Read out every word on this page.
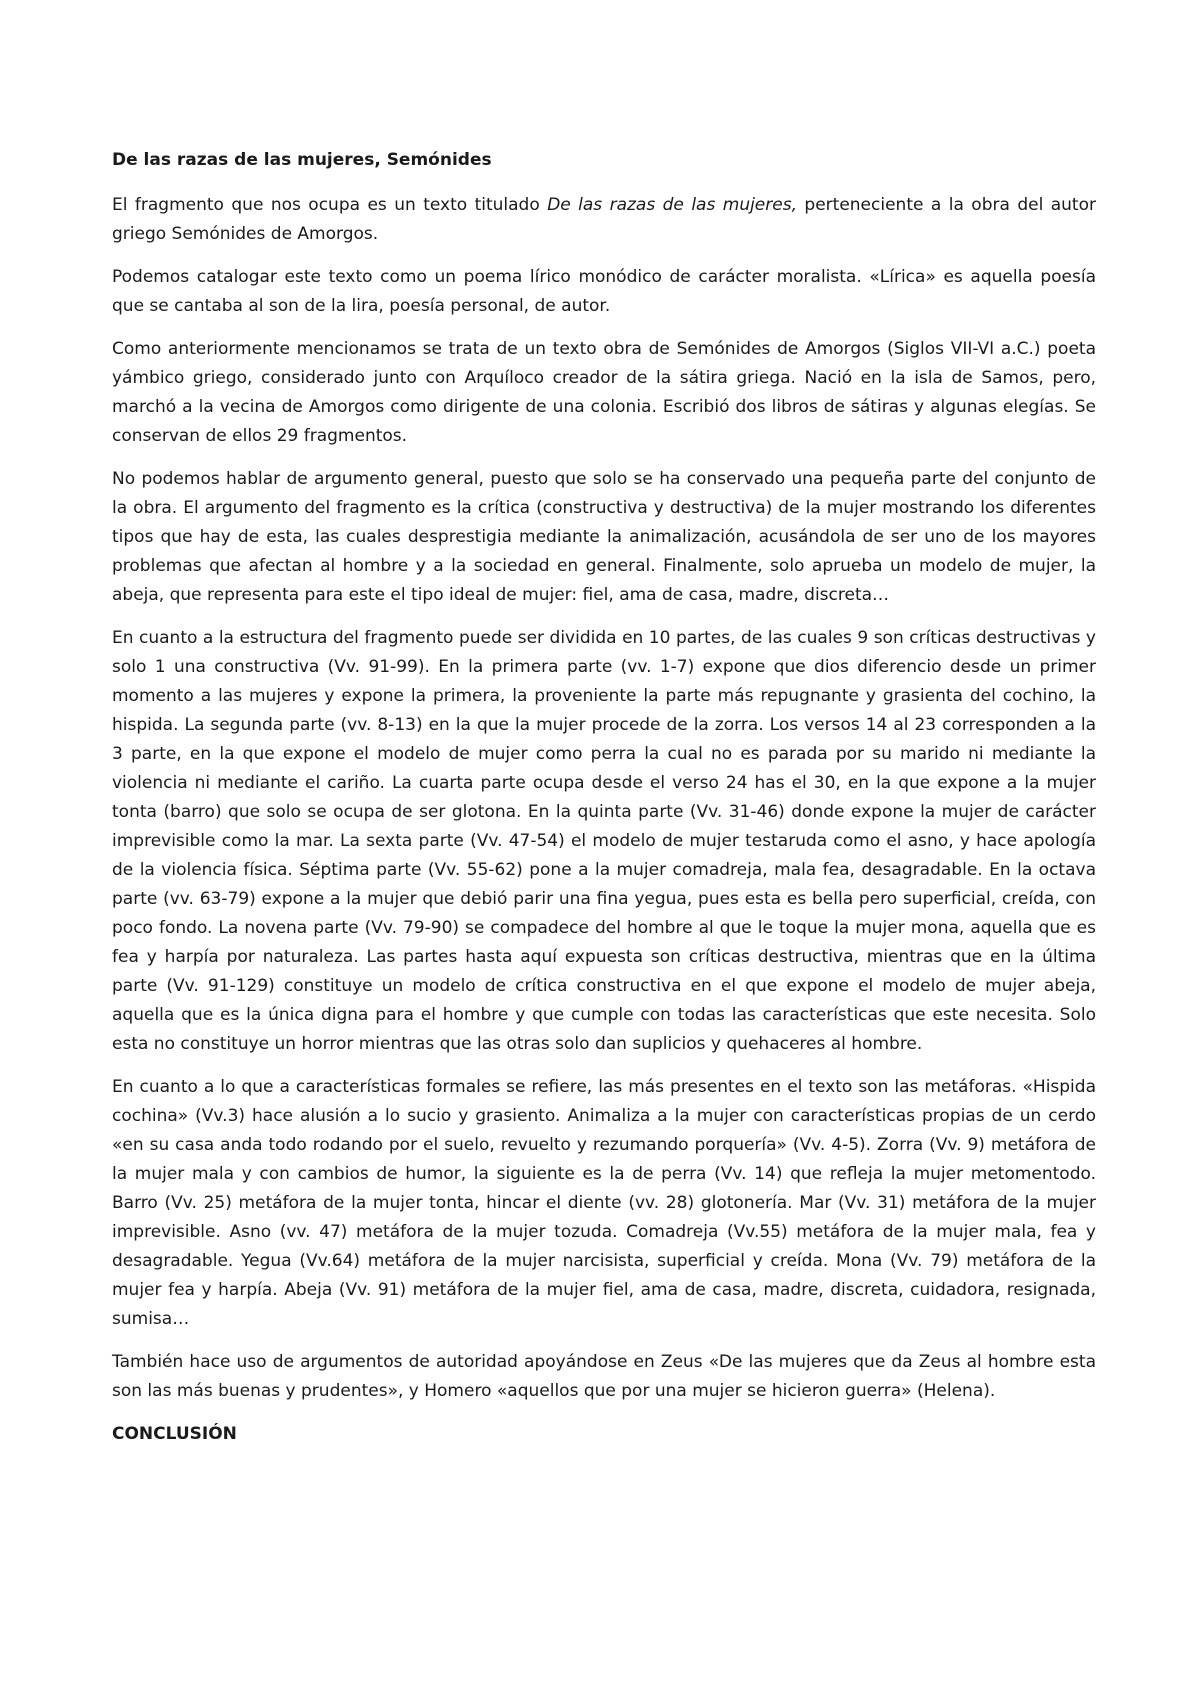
De las razas de las mujeres, Semónides

El fragmento que nos ocupa es un texto titulado De las razas de las mujeres, perteneciente a la obra del autor griego Semónides de Amorgos.

Podemos catalogar este texto como un poema lírico monódico de carácter moralista. «Lírica» es aquella poesía que se cantaba al son de la lira, poesía personal, de autor.

Como anteriormente mencionamos se trata de un texto obra de Semónides de Amorgos (Siglos VII-VI a.C.) poeta yámbico griego, considerado junto con Arquíloco creador de la sátira griega. Nació en la isla de Samos, pero, marchó a la vecina de Amorgos como dirigente de una colonia. Escribió dos libros de sátiras y algunas elegías. Se conservan de ellos 29 fragmentos.

No podemos hablar de argumento general, puesto que solo se ha conservado una pequeña parte del conjunto de la obra. El argumento del fragmento es la crítica (constructiva y destructiva) de la mujer mostrando los diferentes tipos que hay de esta, las cuales desprestigia mediante la animalización, acusándola de ser uno de los mayores problemas que afectan al hombre y a la sociedad en general. Finalmente, solo aprueba un modelo de mujer, la abeja, que representa para este el tipo ideal de mujer: fiel, ama de casa, madre, discreta…

En cuanto a la estructura del fragmento puede ser dividida en 10 partes, de las cuales 9 son críticas destructivas y solo 1 una constructiva (Vv. 91-99). En la primera parte (vv. 1-7) expone que dios diferencio desde un primer momento a las mujeres y expone la primera, la proveniente la parte más repugnante y grasienta del cochino, la hispida. La segunda parte (vv. 8-13) en la que la mujer procede de la zorra. Los versos 14 al 23 corresponden a la 3 parte, en la que expone el modelo de mujer como perra la cual no es parada por su marido ni mediante la violencia ni mediante el cariño. La cuarta parte ocupa desde el verso 24 has el 30, en la que expone a la mujer tonta (barro) que solo se ocupa de ser glotona. En la quinta parte (Vv. 31-46) donde expone la mujer de carácter imprevisible como la mar. La sexta parte (Vv. 47-54) el modelo de mujer testaruda como el asno, y hace apología de la violencia física. Séptima parte (Vv. 55-62) pone a la mujer comadreja, mala fea, desagradable. En la octava parte (vv. 63-79) expone a la mujer que debió parir una fina yegua, pues esta es bella pero superficial, creída, con poco fondo. La novena parte (Vv. 79-90) se compadece del hombre al que le toque la mujer mona, aquella que es fea y harpía por naturaleza. Las partes hasta aquí expuesta son críticas destructiva, mientras que en la última parte (Vv. 91-129) constituye un modelo de crítica constructiva en el que expone el modelo de mujer abeja, aquella que es la única digna para el hombre y que cumple con todas las características que este necesita. Solo esta no constituye un horror mientras que las otras solo dan suplicios y quehaceres al hombre.

En cuanto a lo que a características formales se refiere, las más presentes en el texto son las metáforas. «Hispida cochina» (Vv.3) hace alusión a lo sucio y grasiento. Animaliza a la mujer con características propias de un cerdo «en su casa anda todo rodando por el suelo, revuelto y rezumando porquería» (Vv. 4-5). Zorra (Vv. 9) metáfora de la mujer mala y con cambios de humor, la siguiente es la de perra (Vv. 14) que refleja la mujer metomentodo. Barro (Vv. 25) metáfora de la mujer tonta, hincar el diente (vv. 28) glotonería. Mar (Vv. 31) metáfora de la mujer imprevisible. Asno (vv. 47) metáfora de la mujer tozuda. Comadreja (Vv.55) metáfora de la mujer mala, fea y desagradable. Yegua (Vv.64) metáfora de la mujer narcisista, superficial y creída. Mona (Vv. 79) metáfora de la mujer fea y harpía. Abeja (Vv. 91) metáfora de la mujer fiel, ama de casa, madre, discreta, cuidadora, resignada, sumisa…

También hace uso de argumentos de autoridad apoyándose en Zeus «De las mujeres que da Zeus al hombre esta son las más buenas y prudentes», y Homero «aquellos que por una mujer se hicieron guerra» (Helena).

CONCLUSIÓN
